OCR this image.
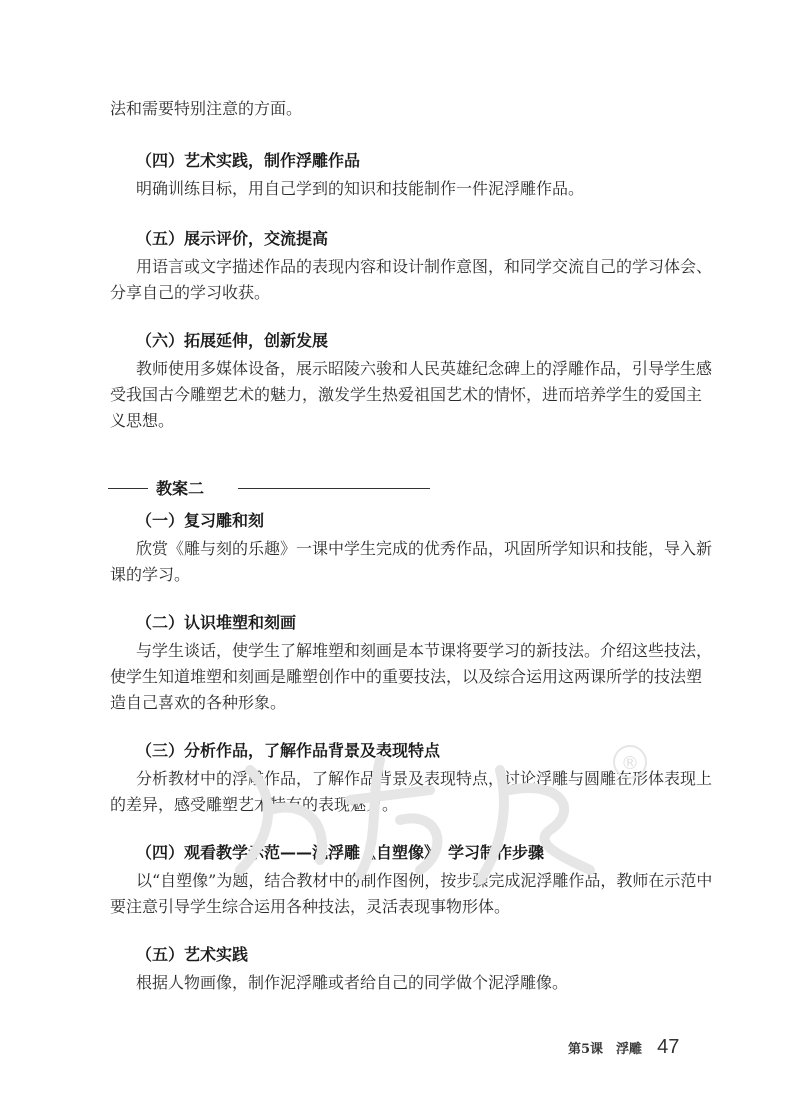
法和需要特别注意的方面。
（四）艺术实践，制作浮雕作品
明确训练目标，用自己学到的知识和技能制作一件泥浮雕作品。
（五）展示评价，交流提高
用语言或文字描述作品的表现内容和设计制作意图，和同学交流自己的学习体会、分享自己的学习收获。
（六）拓展延伸，创新发展
教师使用多媒体设备，展示昭陵六骏和人民英雄纪念碑上的浮雕作品，引导学生感受我国古今雕塑艺术的魅力，激发学生热爱祖国艺术的情怀，进而培养学生的爱国主义思想。
教案二
（一）复习雕和刻
欣赏《雕与刻的乐趣》一课中学生完成的优秀作品，巩固所学知识和技能，导入新课的学习。
（二）认识堆塑和刻画
与学生谈话，使学生了解堆塑和刻画是本节课将要学习的新技法。介绍这些技法，使学生知道堆塑和刻画是雕塑创作中的重要技法，以及综合运用这两课所学的技法塑造自己喜欢的各种形象。
（三）分析作品，了解作品背景及表现特点
分析教材中的浮雕作品，了解作品背景及表现特点，讨论浮雕与圆雕在形体表现上的差异，感受雕塑艺术特有的表现魅力。
（四）观看教学示范——泥浮雕《自塑像》，学习制作步骤
以“自塑像”为题，结合教材中的制作图例，按步骤完成泥浮雕作品，教师在示范中要注意引导学生综合运用各种技法，灵活表现事物形体。
（五）艺术实践
根据人物画像，制作泥浮雕或者给自己的同学做个泥浮雕像。
®
第5课　浮雕 47
